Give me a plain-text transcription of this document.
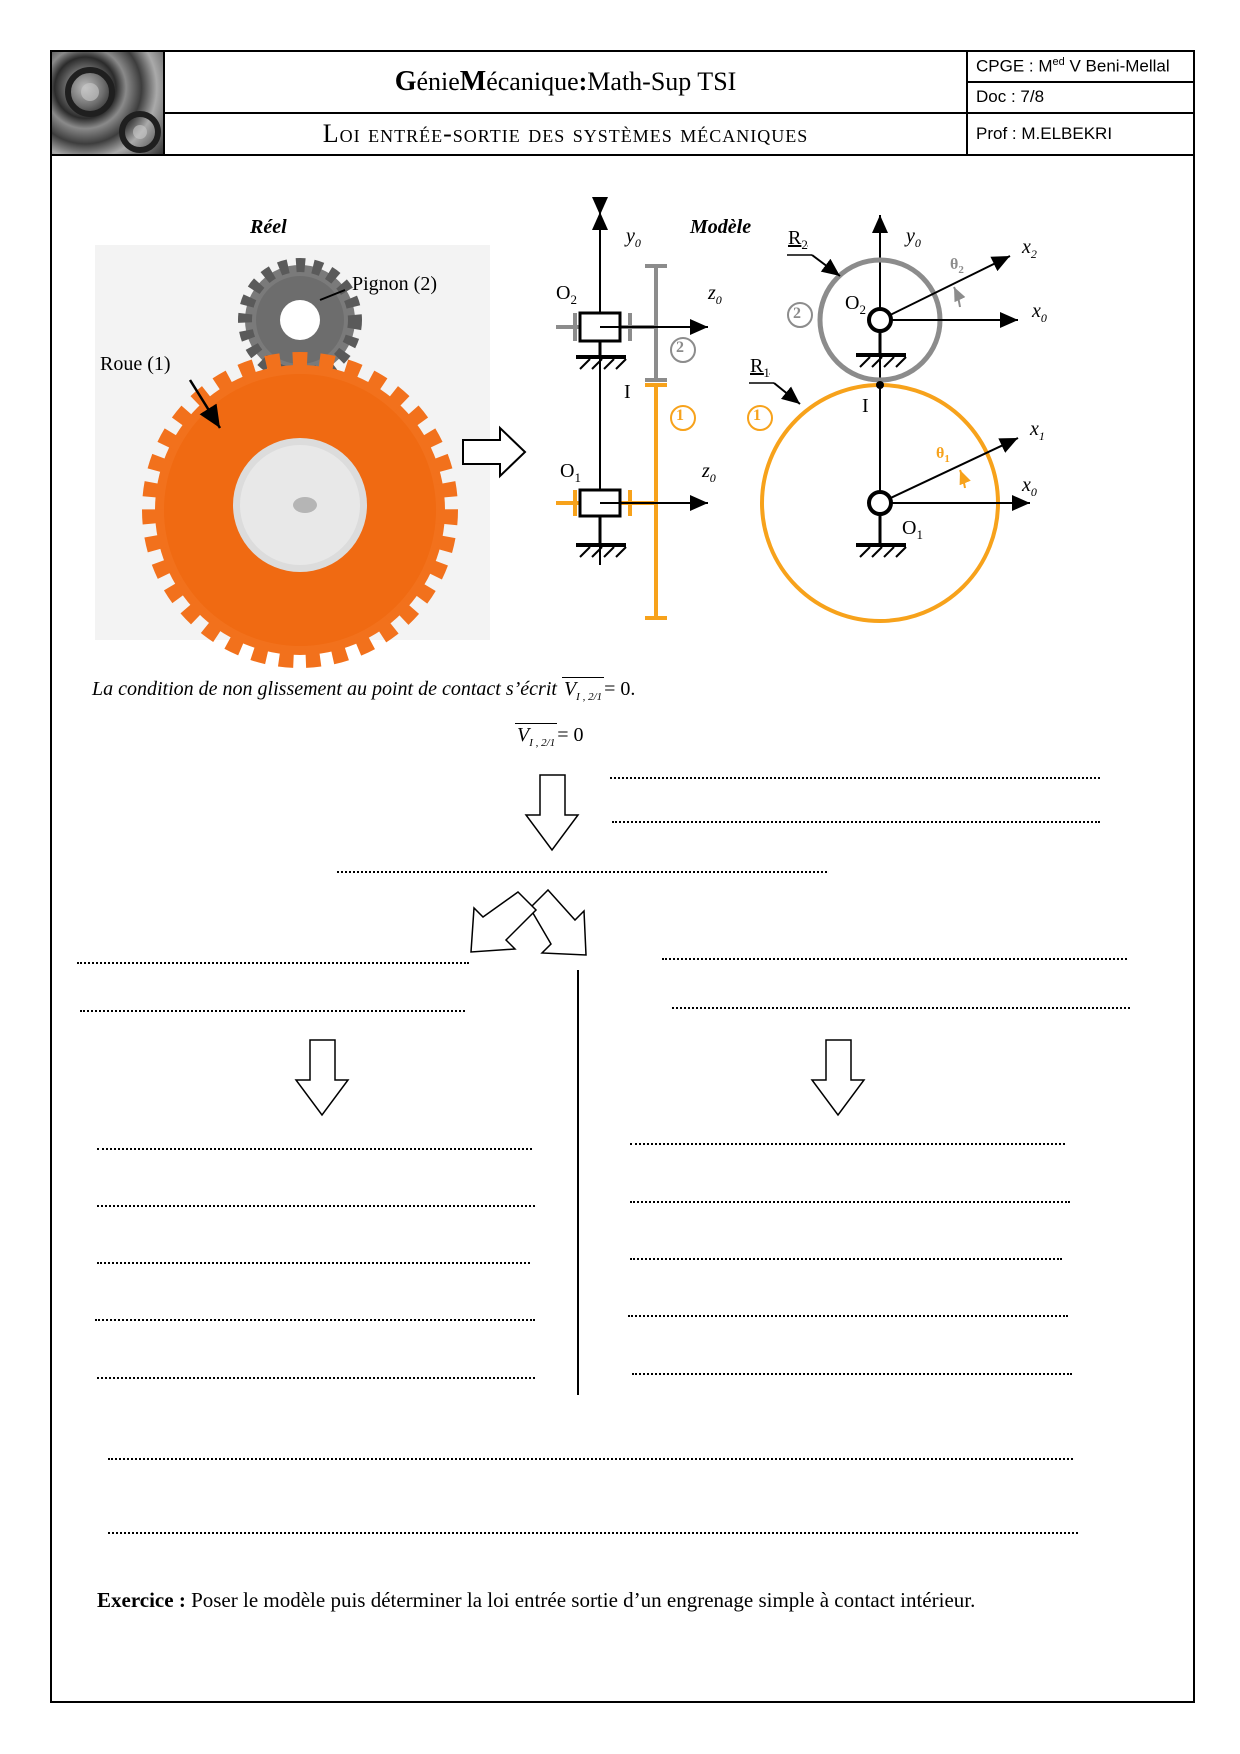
G énie M écanique : Math-Sup TSI
Loi entrée-sortie des systèmes mécaniques
CPGE : $M^{ed}$ V Beni-Mellal
Doc : 7/8
Prof : M.ELBEKRI
Réel	Modèle
Pignon (2)
Roue (1)
$y_0$
$O_2$	$z_0$
2
I
1
$O_1$	$z_0$
$y_0$
$R_2$
$\theta_2$
$x_2$
2 $O_2$	$x_0$
$R_1$
I
1
$x_1$
$\theta_1$
$x_0$
$O_1$
La condition de non glissement au point de contact s’écrit $V_{I , 2/1} = 0$.
$V_{I , 2/1} = 0$
Exercice : Poser le modèle puis déterminer la loi entrée sortie d’un engrenage simple à contact intérieur.
